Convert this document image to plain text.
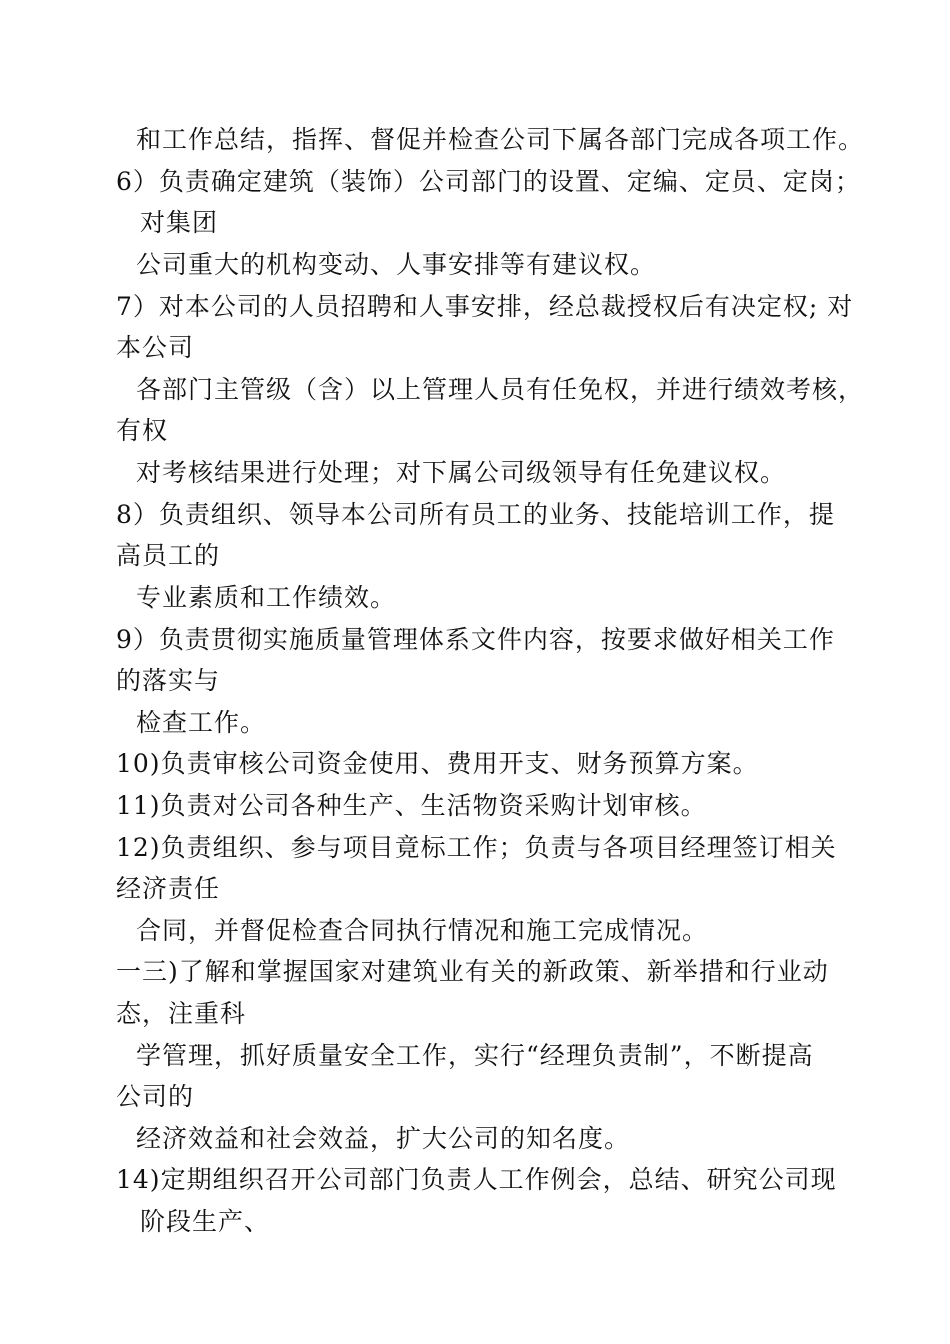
和工作总结，指挥、督促并检查公司下属各部门完成各项工作。
6）负责确定建筑（装饰）公司部门的设置、定编、定员、定岗；
对集团
公司重大的机构变动、人事安排等有建议权。
7）对本公司的人员招聘和人事安排，经总裁授权后有决定权; 对
本公司
各部门主管级（含）以上管理人员有任免权，并进行绩效考核，
有权
对考核结果进行处理；对下属公司级领导有任免建议权。
8）负责组织、领导本公司所有员工的业务、技能培训工作，提
高员工的
专业素质和工作绩效。
9）负责贯彻实施质量管理体系文件内容，按要求做好相关工作
的落实与
检查工作。
10)负责审核公司资金使用、费用开支、财务预算方案。
11)负责对公司各种生产、生活物资采购计划审核。
12)负责组织、参与项目竟标工作；负责与各项目经理签订相关
经济责任
合同，并督促检查合同执行情况和施工完成情况。
一三)了解和掌握国家对建筑业有关的新政策、新举措和行业动
态，注重科
学管理，抓好质量安全工作，实行“经理负责制”，不断提高
公司的
经济效益和社会效益，扩大公司的知名度。
14)定期组织召开公司部门负责人工作例会，总结、研究公司现
阶段生产、
